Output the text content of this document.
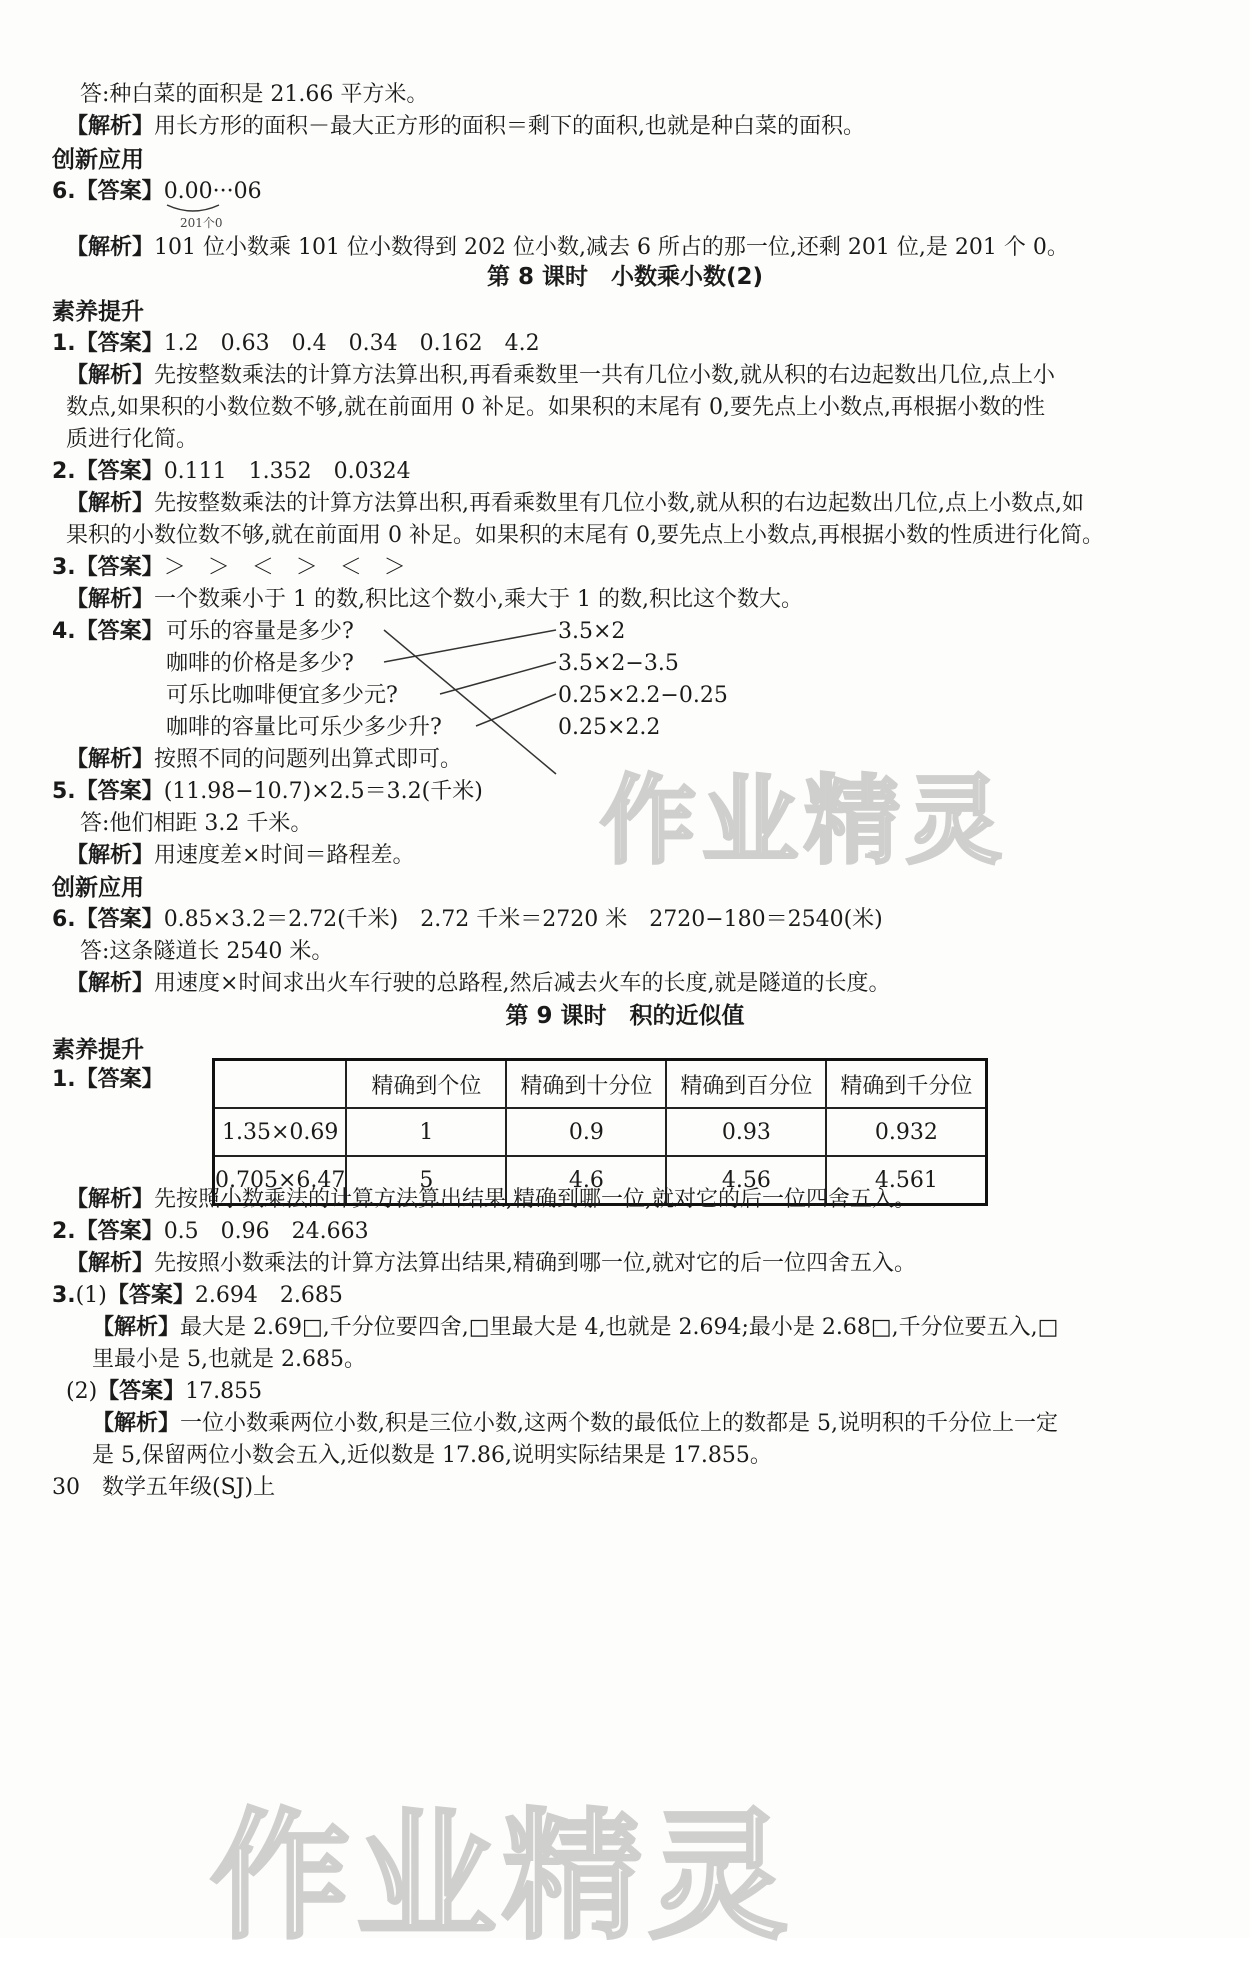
答:种白菜的面积是 21.66 平方米。
【解析】用长方形的面积－最大正方形的面积＝剩下的面积,也就是种白菜的面积。
创新应用
6.【答案】0.00···06
201个0
【解析】101 位小数乘 101 位小数得到 202 位小数,减去 6 所占的那一位,还剩 201 位,是 201 个 0。
第 8 课时　小数乘小数(2)
素养提升
1.【答案】1.2　0.63　0.4　0.34　0.162　4.2
【解析】先按整数乘法的计算方法算出积,再看乘数里一共有几位小数,就从积的右边起数出几位,点上小
数点,如果积的小数位数不够,就在前面用 0 补足。如果积的末尾有 0,要先点上小数点,再根据小数的性
质进行化简。
2.【答案】0.111　1.352　0.0324
【解析】先按整数乘法的计算方法算出积,再看乘数里有几位小数,就从积的右边起数出几位,点上小数点,如
果积的小数位数不够,就在前面用 0 补足。如果积的末尾有 0,要先点上小数点,再根据小数的性质进行化简。
3.【答案】＞　＞　＜　＞　＜　＞
【解析】一个数乘小于 1 的数,积比这个数小,乘大于 1 的数,积比这个数大。
4.【答案】 可乐的容量是多少?
咖啡的价格是多少?
可乐比咖啡便宜多少元?
咖啡的容量比可乐少多少升?
3.5×2
3.5×2−3.5
0.25×2.2−0.25
0.25×2.2
【解析】按照不同的问题列出算式即可。
5.【答案】(11.98−10.7)×2.5＝3.2(千米)
答:他们相距 3.2 千米。
【解析】用速度差×时间＝路程差。
创新应用
6.【答案】0.85×3.2＝2.72(千米)　2.72 千米＝2720 米　2720−180＝2540(米)
答:这条隧道长 2540 米。
【解析】用速度×时间求出火车行驶的总路程,然后减去火车的长度,就是隧道的长度。
第 9 课时　积的近似值
素养提升
1.【答案】
		精确到个位	精确到十分位	精确到百分位	精确到千分位
1.35×0.69	1	0.9	0.93	0.932
0.705×6.47	5	4.6	4.56	4.561
【解析】先按照小数乘法的计算方法算出结果,精确到哪一位,就对它的后一位四舍五入。
2.【答案】0.5　0.96　24.663
【解析】先按照小数乘法的计算方法算出结果,精确到哪一位,就对它的后一位四舍五入。
3.(1)【答案】2.694　2.685
【解析】最大是 2.69□,千分位要四舍,□里最大是 4,也就是 2.694;最小是 2.68□,千分位要五入,□
里最小是 5,也就是 2.685。
(2)【答案】17.855
【解析】一位小数乘两位小数,积是三位小数,这两个数的最低位上的数都是 5,说明积的千分位上一定
是 5,保留两位小数会五入,近似数是 17.86,说明实际结果是 17.855。
30　 数学五年级(SJ)上
作业精灵
作业精灵
